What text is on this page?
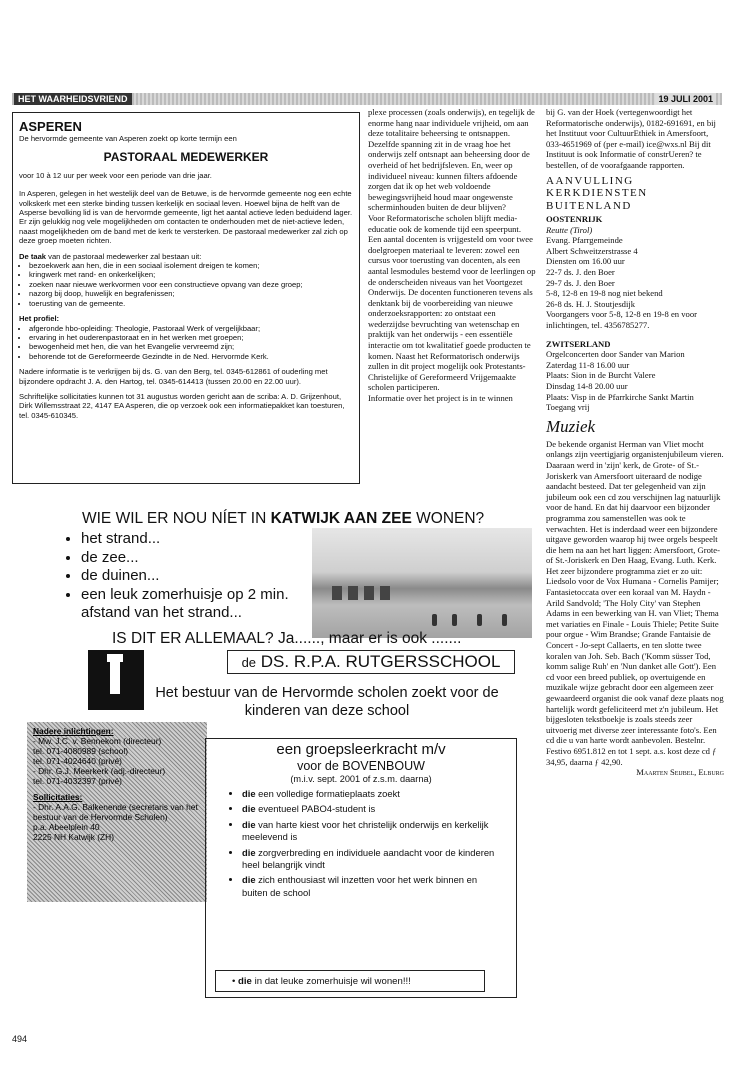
HET WAARHEIDSVRIEND	19 JULI 2001
ASPEREN

De hervormde gemeente van Asperen zoekt op korte termijn een

PASTORAAL MEDEWERKER

voor 10 à 12 uur per week voor een periode van drie jaar.

In Asperen, gelegen in het westelijk deel van de Betuwe, is de hervormde gemeente nog een echte volkskerk met een sterke binding tussen kerkelijk en sociaal leven. Hoewel bijna de helft van de Asperse bevolking lid is van de hervormde gemeente, ligt het aantal actieve leden beduidend lager. Er zijn gelukkig nog vele mogelijkheden om contacten te onderhouden met de niet-actieve leden, naast mogelijkheden om de band met de kerk te versterken. De pastoraal medewerker zal zich op deze groep moeten richten.

De taak van de pastoraal medewerker zal bestaan uit:

• bezoekwerk aan hen, die in een sociaal isolement dreigen te komen;
• kringwerk met rand- en onkerkelijken;
• zoeken naar nieuwe werkvormen voor een constructieve opvang van deze groep;
• nazorg bij doop, huwelijk en begrafenissen;
• toerusting van de gemeente.

Het profiel:

• afgeronde hbo-opleiding: Theologie, Pastoraal Werk of vergelijkbaar;
• ervaring in het ouderenpastoraat en in het werken met groepen;
• bewogenheid met hen, die van het Evangelie vervreemd zijn;
• behorende tot de Gereformeerde Gezindte in de Ned. Hervormde Kerk.

Nadere informatie is te verkrijgen bij ds. G. van den Berg, tel. 0345-612861 of ouderling met bijzondere opdracht J. A. den Hartog, tel. 0345-614413 (tussen 20.00 en 22.00 uur).

Schriftelijke sollicitaties kunnen tot 31 augustus worden gericht aan de scriba: A. D. Grijzenhout, Dirk Willemsstraat 22, 4147 EA Asperen, die op verzoek ook een informatiepakket kan toesturen, tel. 0345-610345.

plexe processen (zoals onderwijs), en tegelijk de enorme hang naar individuele vrijheid, om aan deze totalitaire beheersing te ontsnappen. Dezelfde spanning zit in de vraag hoe het onderwijs zelf ontsnapt aan beheersing door de overheid of het bedrijfsleven. En, weer op individueel niveau: kunnen filters afdoende zorgen dat ik op het web voldoende bewegingsvrijheid houd maar ongewenste scherminhouden buiten de deur blijven?

Voor Reformatorische scholen blijft media-educatie ook de komende tijd een speerpunt. Een aantal docenten is vrijgesteld om voor twee doelgroepen materiaal te leveren: zowel een cursus voor toerusting van docenten, als een aantal lesmodules bestemd voor de leerlingen op de onderscheiden niveaus van het Voortgezet Onderwijs. De docenten functioneren tevens als denktank bij de voorbereiding van nieuwe onderzoeksrapporten: zo ontstaat een wederzijdse bevruchting van wetenschap en praktijk van het onderwijs - een essentiële interactie om tot kwalitatief goede producten te komen. Naast het Reformatorisch onderwijs zullen in dit project mogelijk ook Protestants-Christelijke of Gereformeerd Vrijgemaakte scholen participeren.

Informatie over het project is in te winnen

bij G. van der Hoek (vertegenwoordigt het Reformatorische onderwijs), 0182-691691, en bij het Instituut voor CultuurEthiek in Amersfoort, 033-4651969 of (per e-mail) ice@wxs.nl Bij dit Instituut is ook Informatie of constrUeren? te bestellen, of de voorafgaande rapporten.

AANVULLING KERKDIENSTEN BUITENLAND

OOSTENRIJK

Reutte (Tirol)

Evang. Pfarrgemeinde

Albert Schweitzerstrasse 4

Diensten om 16.00 uur

22-7 ds. J. den Boer

29-7 ds. J. den Boer

5-8, 12-8 en 19-8 nog niet bekend

26-8 ds. H. J. Stoutjesdijk

Voorgangers voor 5-8, 12-8 en 19-8 en voor inlichtingen, tel. 4356785277.

ZWITSERLAND

Orgelconcerten door Sander van Marion

Zaterdag 11-8 16.00 uur

Plaats: Sion in de Burcht Valere

Dinsdag 14-8 20.00 uur

Plaats: Visp in de Pfarrkirche Sankt Martin

Toegang vrij

Muziek

De bekende organist Herman van Vliet mocht onlangs zijn veertigjarig organistenjubileum vieren. Daaraan werd in 'zijn' kerk, de Grote- of St.-Joriskerk van Amersfoort uiteraard de nodige aandacht besteed. Dat ter gelegenheid van zijn jubileum ook een cd zou verschijnen lag natuurlijk voor de hand. En dat hij daarvoor een bijzonder programma zou samenstellen was ook te verwachten. Het is inderdaad weer een bijzondere uitgave geworden waarop hij twee orgels bespeelt die hem na aan het hart liggen: Amersfoort, Grote- of St.-Joriskerk en Den Haag, Evang. Luth. Kerk. Het zeer bijzondere programma ziet er zo uit: Liedsolo voor de Vox Humana - Cornelis Pamijer; Fantasietoccata over een koraal van M. Haydn - Arild Sandvold; 'The Holy City' van Stephen Adams in een bewerking van H. van Vliet; Thema met variaties en Finale - Louis Thiele; Petite Suite pour orgue - Wim Brandse; Grande Fantaisie de Concert - Jo-sept Callaerts, en ten slotte twee koralen van Joh. Seb. Bach ('Komm süsser Tod, komm salige Ruh' en 'Nun danket alle Gott'). Een cd voor een breed publiek, op overtuigende en muzikale wijze gebracht door een algemeen zeer gewaardeerd organist die ook vanaf deze plaats nog hartelijk wordt gefeliciteerd met z'n jubileum. Het bijgesloten tekstboekje is zoals steeds zeer uitvoerig met diverse zeer interessante foto's. Een cd die u van harte wordt aanbevolen. Bestelnr. Festivo 6951.812 en tot 1 sept. a.s. kost deze cd ƒ 34,95, daarna ƒ 42,90.

Maarten Seijbel, Elburg

WIE WIL ER NOU NÍET IN KATWIJK AAN ZEE WONEN?
• het strand...
• de zee...
• de duinen...
• een leuk zomerhuisje op 2 min. afstand van het strand...
IS DIT ER ALLEMAAL? Ja......, maar er is ook .......
de DS. R.P.A. RUTGERSSCHOOL
Het bestuur van de Hervormde scholen zoekt voor de kinderen van deze school
Nadere inlichtingen:
- Mw. J.C. v. Bennekom (directeur)
tel. 071-4080989 (school)
tel. 071-4024640 (privé)
- Dhr. G.J. Meerkerk (adj.-directeur)
tel. 071-4032397 (privé)
Sollicitaties:
- Dhr. A.A.G. Balkenende (secretaris van het bestuur van de Hervormde Scholen)
p.a. Abeelplein 40
2225 NH Katwijk (ZH)
een groepsleerkracht m/v
voor de BOVENBOUW
(m.i.v. sept. 2001 of z.s.m. daarna)
• die een volledige formatieplaats zoekt
• die eventueel PABO4-student is
• die van harte kiest voor het christelijk onderwijs en kerkelijk meelevend is
• die zorgverbreding en individuele aandacht voor de kinderen heel belangrijk vindt
• die zich enthousiast wil inzetten voor het werk binnen en buiten de school
• die in dat leuke zomerhuisje wil wonen!!!
494
